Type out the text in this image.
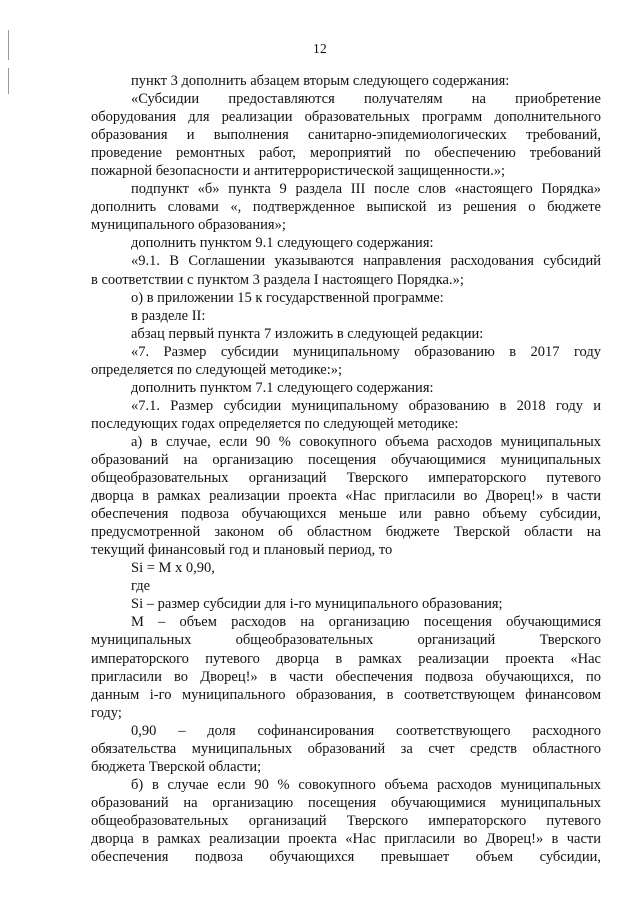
12
пункт 3 дополнить абзацем вторым следующего содержания:
«Субсидии предоставляются получателям на приобретение
оборудования для реализации образовательных программ дополнительного
образования и выполнения санитарно-эпидемиологических требований,
проведение ремонтных работ, мероприятий по обеспечению требований
пожарной безопасности и антитеррористической защищенности.»;
подпункт «б» пункта 9 раздела III после слов «настоящего Порядка»
дополнить словами «, подтвержденное выпиской из решения о бюджете
муниципального образования»;
дополнить пунктом 9.1 следующего содержания:
«9.1. В Соглашении указываются направления расходования субсидий
в соответствии с пунктом 3 раздела I настоящего Порядка.»;
о) в приложении 15 к государственной программе:
в разделе II:
абзац первый пункта 7 изложить в следующей редакции:
«7. Размер субсидии муниципальному образованию в 2017 году
определяется по следующей методике:»;
дополнить пунктом 7.1 следующего содержания:
«7.1. Размер субсидии муниципальному образованию в 2018 году и
последующих годах определяется по следующей методике:
а) в случае, если 90 % совокупного объема расходов муниципальных
образований на организацию посещения обучающимися муниципальных
общеобразовательных организаций Тверского императорского путевого
дворца в рамках реализации проекта «Нас пригласили во Дворец!» в части
обеспечения подвоза обучающихся меньше или равно объему субсидии,
предусмотренной законом об областном бюджете Тверской области на
текущий финансовый год и плановый период, то
Si = M x 0,90,
где
Si – размер субсидии для i-го муниципального образования;
М – объем расходов на организацию посещения обучающимися
муниципальных общеобразовательных организаций Тверского
императорского путевого дворца в рамках реализации проекта «Нас
пригласили во Дворец!» в части обеспечения подвоза обучающихся, по
данным i-го муниципального образования, в соответствующем финансовом
году;
0,90 – доля софинансирования соответствующего расходного
обязательства муниципальных образований за счет средств областного
бюджета Тверской области;
б) в случае если 90 % совокупного объема расходов муниципальных
образований на организацию посещения обучающимися муниципальных
общеобразовательных организаций Тверского императорского путевого
дворца в рамках реализации проекта «Нас пригласили во Дворец!» в части
обеспечения подвоза обучающихся превышает объем субсидии,
